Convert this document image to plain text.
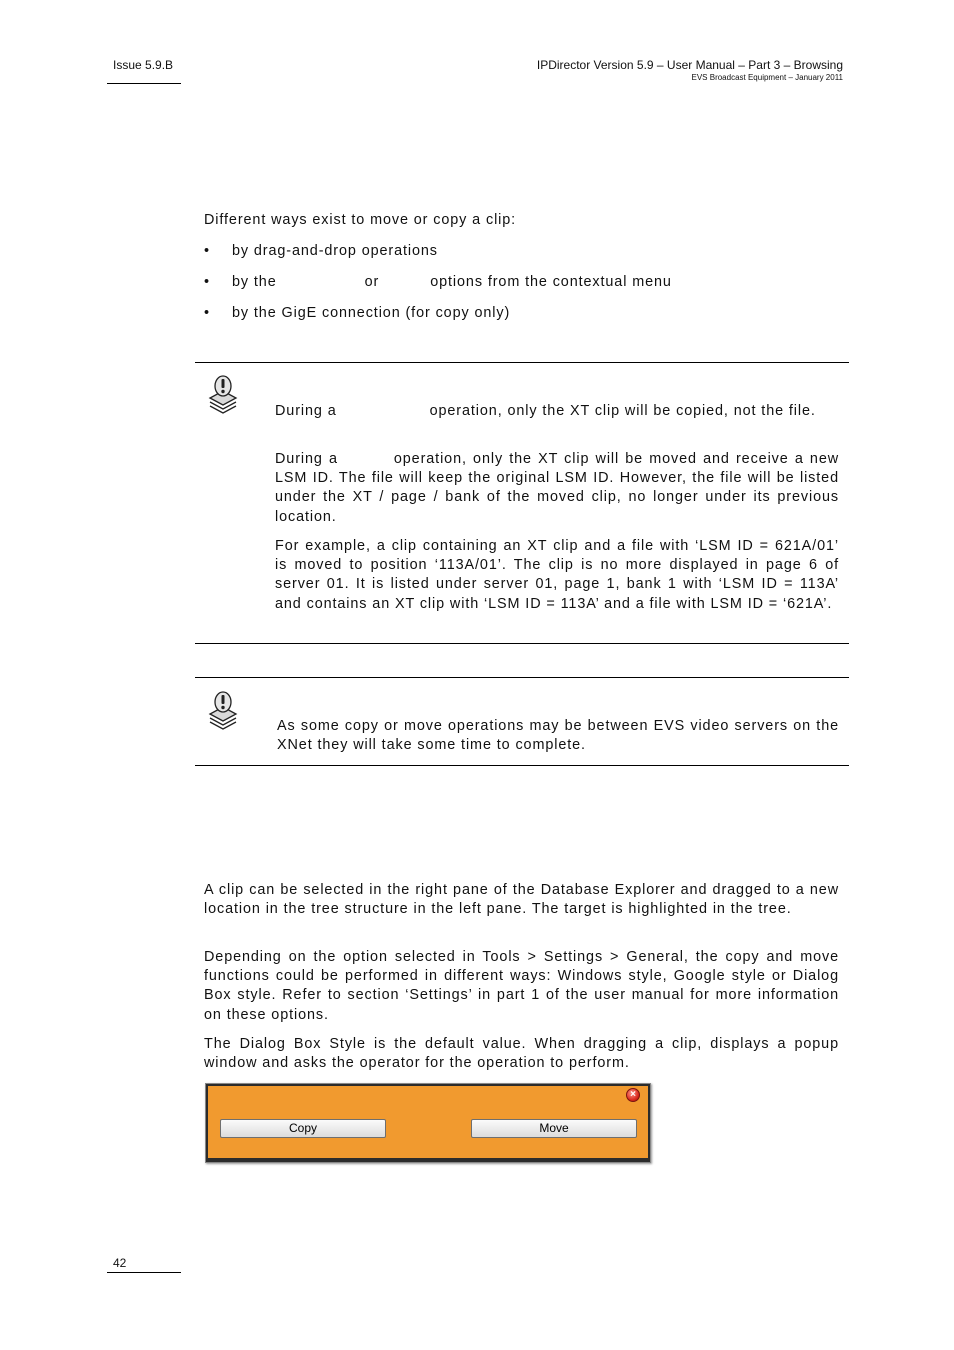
Issue 5.9.B	IPDirector Version 5.9 – User Manual – Part 3 – Browsing
EVS Broadcast Equipment – January 2011
Different ways exist to move or copy a clip:
• by drag-and-drop operations
• by the	or	options from the contextual menu
• by the GigE connection (for copy only)
During a	operation, only the XT clip will be copied, not the file.
During a	operation, only the XT clip will be moved and receive a new LSM ID. The file will keep the original LSM ID. However, the file will be listed under the XT / page / bank of the moved clip, no longer under its previous location.
For example, a clip containing an XT clip and a file with ‘LSM ID = 621A/01’ is moved to position ‘113A/01’. The clip is no more displayed in page 6 of server 01. It is listed under server 01, page 1, bank 1 with ‘LSM ID = 113A’ and contains an XT clip with ‘LSM ID = 113A’ and a file with LSM ID = ‘621A’.
As some copy or move operations may be between EVS video servers on the XNet they will take some time to complete.
A clip can be selected in the right pane of the Database Explorer and dragged to a new location in the tree structure in the left pane. The target is highlighted in the tree.
Depending on the option selected in Tools > Settings > General, the copy and move functions could be performed in different ways: Windows style, Google style or Dialog Box style. Refer to section ‘Settings’ in part 1 of the user manual for more information on these options.
The Dialog Box Style is the default value. When dragging a clip, displays a popup window and asks the operator for the operation to perform.
×
Copy	Move
42
